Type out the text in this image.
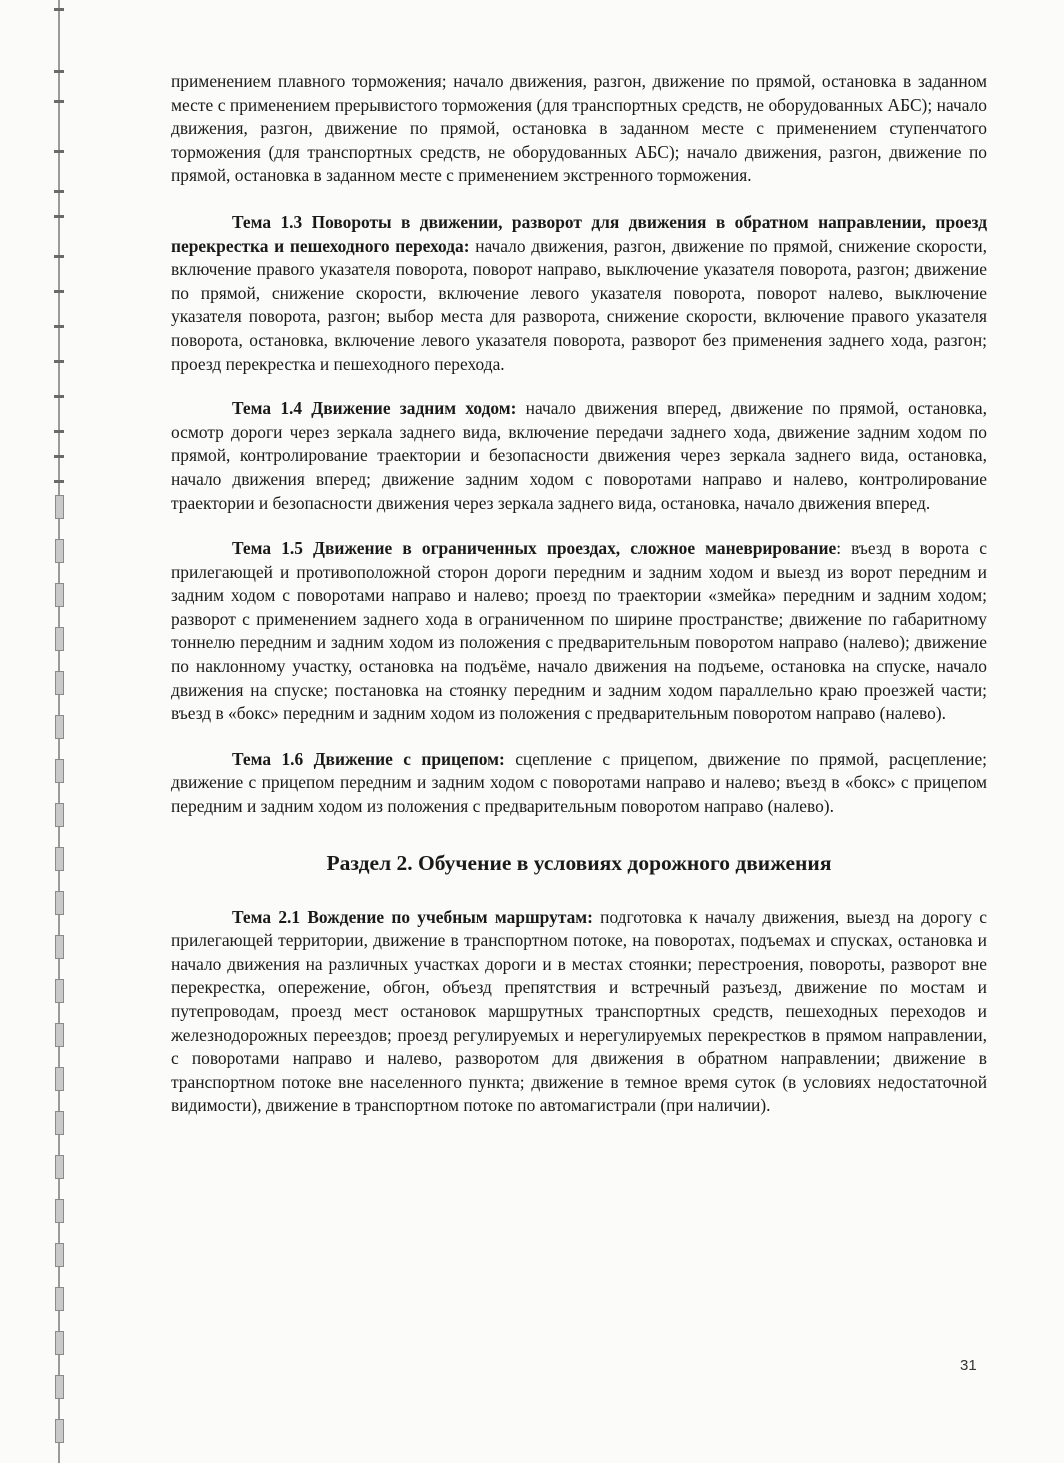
применением плавного торможения; начало движения, разгон, движение по прямой, остановка в заданном месте с применением прерывистого торможения (для транспортных средств, не оборудованных АБС); начало движения, разгон, движение по прямой, остановка в заданном месте с применением ступенчатого торможения (для транспортных средств, не оборудованных АБС); начало движения, разгон, движение по прямой, остановка в заданном месте с применением экстренного торможения.

Тема 1.3 Повороты в движении, разворот для движения в обратном направлении, проезд перекрестка и пешеходного перехода: начало движения, разгон, движение по прямой, снижение скорости, включение правого указателя поворота, поворот направо, выключение указателя поворота, разгон; движение по прямой, снижение скорости, включение левого указателя поворота, поворот налево, выключение указателя поворота, разгон; выбор места для разворота, снижение скорости, включение правого указателя поворота, остановка, включение левого указателя поворота, разворот без применения заднего хода, разгон; проезд перекрестка и пешеходного перехода.

Тема 1.4 Движение задним ходом: начало движения вперед, движение по прямой, остановка, осмотр дороги через зеркала заднего вида, включение передачи заднего хода, движение задним ходом по прямой, контролирование траектории и безопасности движения через зеркала заднего вида, остановка, начало движения вперед; движение задним ходом с поворотами направо и налево, контролирование траектории и безопасности движения через зеркала заднего вида, остановка, начало движения вперед.

Тема 1.5 Движение в ограниченных проездах, сложное маневрирование: въезд в ворота с прилегающей и противоположной сторон дороги передним и задним ходом и выезд из ворот передним и задним ходом с поворотами направо и налево; проезд по траектории «змейка» передним и задним ходом; разворот с применением заднего хода в ограниченном по ширине пространстве; движение по габаритному тоннелю передним и задним ходом из положения с предварительным поворотом направо (налево); движение по наклонному участку, остановка на подъёме, начало движения на подъеме, остановка на спуске, начало движения на спуске; постановка на стоянку передним и задним ходом параллельно краю проезжей части; въезд в «бокс» передним и задним ходом из положения с предварительным поворотом направо (налево).

Тема 1.6 Движение с прицепом: сцепление с прицепом, движение по прямой, расцепление; движение с прицепом передним и задним ходом с поворотами направо и налево; въезд в «бокс» с прицепом передним и задним ходом из положения с предварительным поворотом направо (налево).

Раздел 2. Обучение в условиях дорожного движения

Тема 2.1 Вождение по учебным маршрутам: подготовка к началу движения, выезд на дорогу с прилегающей территории, движение в транспортном потоке, на поворотах, подъемах и спусках, остановка и начало движения на различных участках дороги и в местах стоянки; перестроения, повороты, разворот вне перекрестка, опережение, обгон, объезд препятствия и встречный разъезд, движение по мостам и путепроводам, проезд мест остановок маршрутных транспортных средств, пешеходных переходов и железнодорожных переездов; проезд регулируемых и нерегулируемых перекрестков в прямом направлении, с поворотами направо и налево, разворотом для движения в обратном направлении; движение в транспортном потоке вне населенного пункта; движение в темное время суток (в условиях недостаточной видимости), движение в транспортном потоке по автомагистрали (при наличии).

31
